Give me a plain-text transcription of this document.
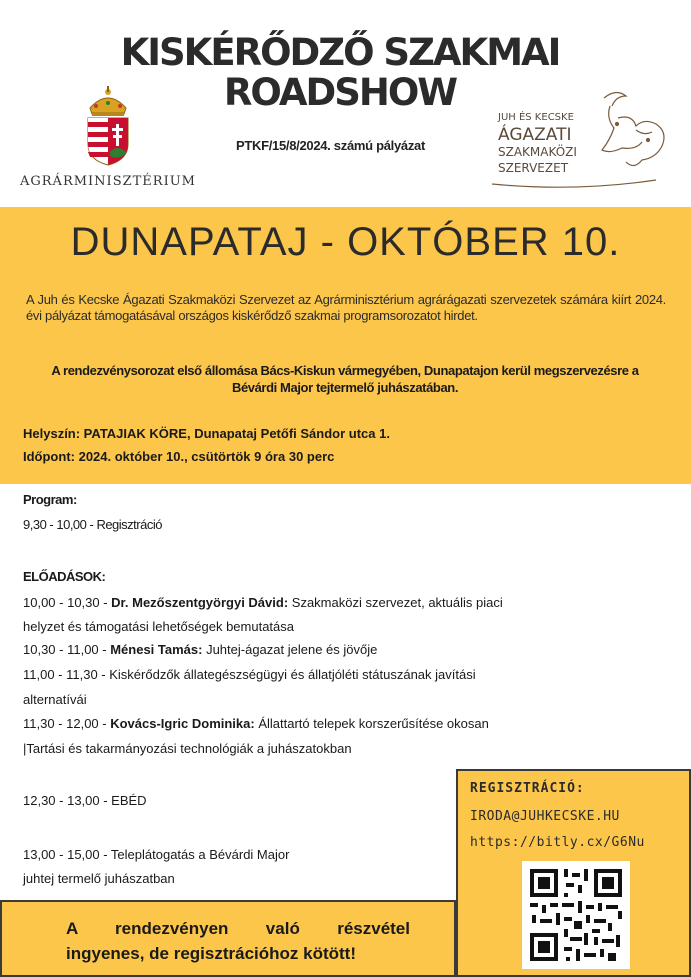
KISKÉRŐDZŐ SZAKMAI
ROADSHOW
AGRÁRMINISZTÉRIUM
PTKF/15/8/2024. számú pályázat
JUH ÉS KECSKE
ÁGAZATI
SZAKMAKÖZI
SZERVEZET
DUNAPATAJ - OKTÓBER 10.
A Juh és Kecske Ágazati Szakmaközi Szervezet az Agrárminisztérium agrárágazati szervezetek számára kiírt 2024. évi pályázat támogatásával országos kiskérődző szakmai programsorozatot hirdet.
A rendezvénysorozat első állomása Bács-Kiskun vármegyében, Dunapatajon kerül megszervezésre a Bévárdi Major tejtermelő juhászatában.
Helyszín: PATAJIAK KÖRE, Dunapataj Petőfi Sándor utca 1.
Időpont: 2024. október 10., csütörtök 9 óra 30 perc
Program:
9,30 - 10,00 - Regisztráció
ELŐADÁSOK:
10,00 - 10,30 - Dr. Mezőszentgyörgyi Dávid: Szakmaközi szervezet, aktuális piaci
helyzet és támogatási lehetőségek bemutatása
10,30 - 11,00 - Ménesi Tamás: Juhtej-ágazat jelene és jövője
11,00 - 11,30 - Kiskérődzők állategészségügyi és állatjóléti státuszának javítási
alternatívái
11,30 - 12,00 - Kovács-Igric Dominika: Állattartó telepek korszerűsítése okosan
|Tartási és takarmányozási technológiák a juhászatokban
12,30 - 13,00 - EBÉD
13,00 - 15,00 - Teleplátogatás a Bévárdi Major
juhtej termelő juhászatban
REGISZTRÁCIÓ:
IRODA@JUHKECSKE.HU
https://bitly.cx/G6Nu
A rendezvényen való részvétel
ingyenes, de regisztrációhoz kötött!
